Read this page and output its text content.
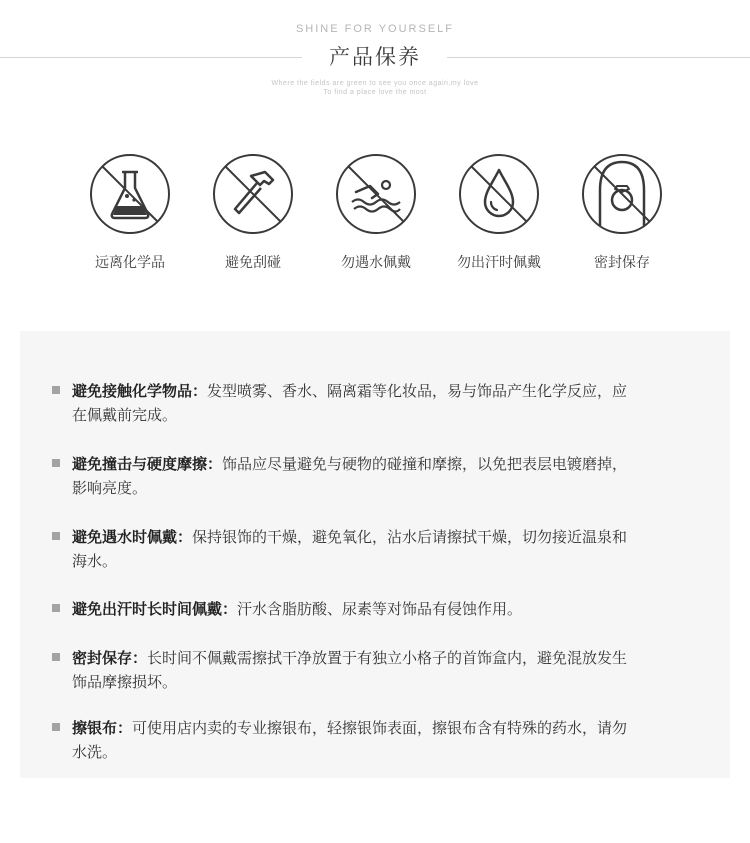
SHINE FOR YOURSELF
产品保养
Where the fields are green to see you once again,my love
To find a place love the most
远离化学品	避免刮碰	勿遇水佩戴	勿出汗时佩戴	密封保存
避免接触化学物品：发型喷雾、香水、隔离霜等化妆品，易与饰品产生化学反应，应
在佩戴前完成。
避免撞击与硬度摩擦：饰品应尽量避免与硬物的碰撞和摩擦，以免把表层电镀磨掉，
影响亮度。
避免遇水时佩戴：保持银饰的干燥，避免氧化，沾水后请擦拭干燥，切勿接近温泉和
海水。
避免出汗时长时间佩戴：汗水含脂肪酸、尿素等对饰品有侵蚀作用。
密封保存：长时间不佩戴需擦拭干净放置于有独立小格子的首饰盒内，避免混放发生
饰品摩擦损坏。
擦银布：可使用店内卖的专业擦银布，轻擦银饰表面，擦银布含有特殊的药水，请勿
水洗。
